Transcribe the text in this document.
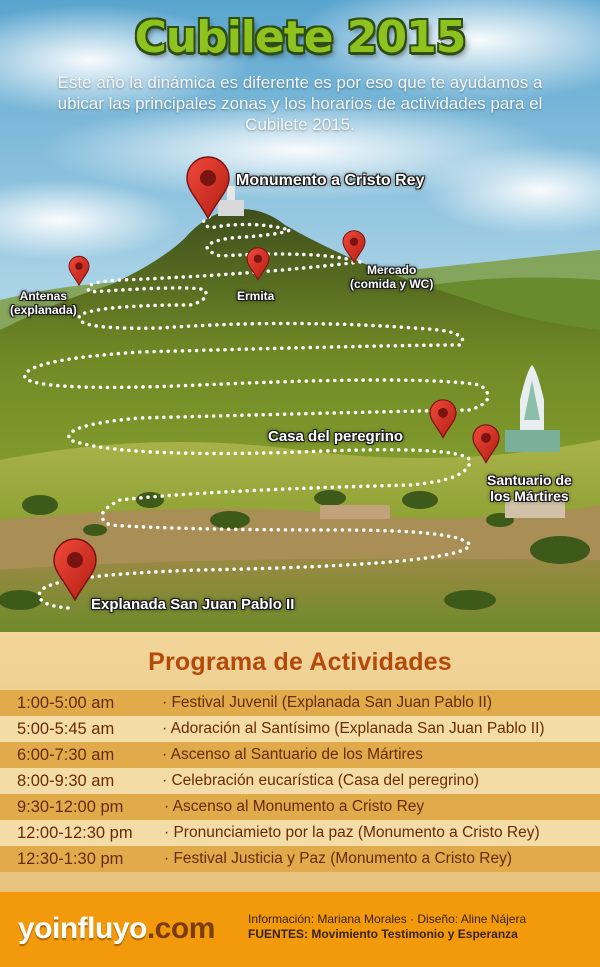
Cubilete 2015
Este año la dinámica es diferente es por eso que te ayudamos a ubicar las principales zonas y los horarios de actividades para el Cubilete 2015.
Monumento a Cristo Rey
Mercado
(comida y WC)
Antenas
(explanada)
Ermita
Casa del peregrino
Santuario de
los Mártires
Explanada San Juan Pablo II
Programa de Actividades
1:00-5:00 am	· Festival Juvenil (Explanada San Juan Pablo II)
5:00-5:45 am	· Adoración al Santísimo (Explanada San Juan Pablo II)
6:00-7:30 am	· Ascenso al Santuario de los Mártires
8:00-9:30 am	· Celebración eucarística (Casa del peregrino)
9:30-12:00 pm	· Ascenso al Monumento a Cristo Rey
12:00-12:30 pm · Pronunciamieto por la paz (Monumento a Cristo Rey)
12:30-1:30 pm	· Festival Justicia y Paz (Monumento a Cristo Rey)
yoinfluyo.com	Información: Mariana Morales · Diseño: Aline Nájera
FUENTES: Movimiento Testimonio y Esperanza
